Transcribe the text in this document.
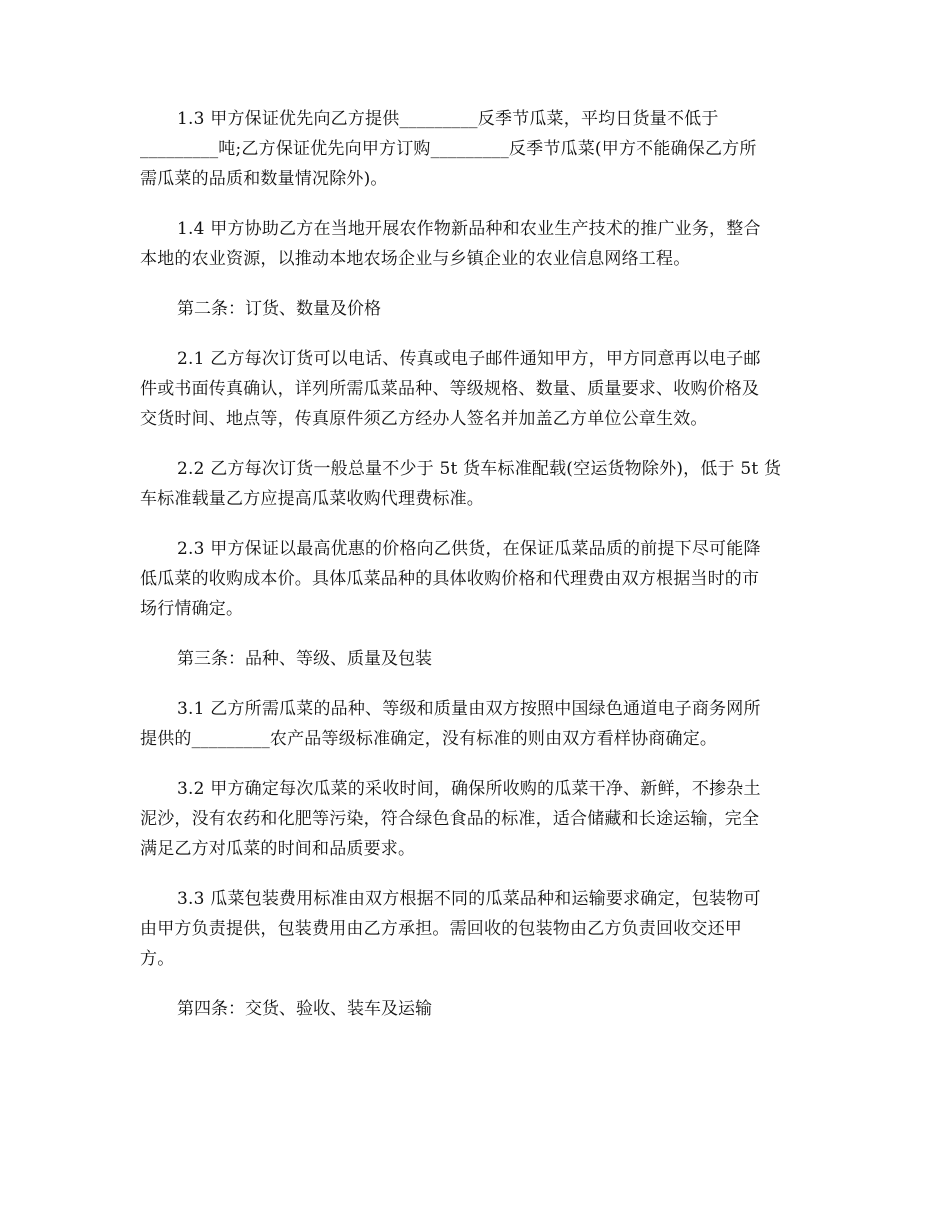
1.3 甲方保证优先向乙方提供_________反季节瓜菜，平均日货量不低于
_________吨;乙方保证优先向甲方订购_________反季节瓜菜(甲方不能确保乙方所
需瓜菜的品质和数量情况除外)。

1.4 甲方协助乙方在当地开展农作物新品种和农业生产技术的推广业务，整合
本地的农业资源，以推动本地农场企业与乡镇企业的农业信息网络工程。

第二条：订货、数量及价格

2.1 乙方每次订货可以电话、传真或电子邮件通知甲方，甲方同意再以电子邮
件或书面传真确认，详列所需瓜菜品种、等级规格、数量、质量要求、收购价格及
交货时间、地点等，传真原件须乙方经办人签名并加盖乙方单位公章生效。

2.2 乙方每次订货一般总量不少于 5t 货车标准配载(空运货物除外)，低于 5t 货
车标准载量乙方应提高瓜菜收购代理费标准。

2.3 甲方保证以最高优惠的价格向乙供货，在保证瓜菜品质的前提下尽可能降
低瓜菜的收购成本价。具体瓜菜品种的具体收购价格和代理费由双方根据当时的市
场行情确定。

第三条：品种、等级、质量及包装

3.1 乙方所需瓜菜的品种、等级和质量由双方按照中国绿色通道电子商务网所
提供的_________农产品等级标准确定，没有标准的则由双方看样协商确定。

3.2 甲方确定每次瓜菜的采收时间，确保所收购的瓜菜干净、新鲜，不掺杂土
泥沙，没有农药和化肥等污染，符合绿色食品的标准，适合储藏和长途运输，完全
满足乙方对瓜菜的时间和品质要求。

3.3 瓜菜包装费用标准由双方根据不同的瓜菜品种和运输要求确定，包装物可
由甲方负责提供，包装费用由乙方承担。需回收的包装物由乙方负责回收交还甲
方。

第四条：交货、验收、装车及运输
